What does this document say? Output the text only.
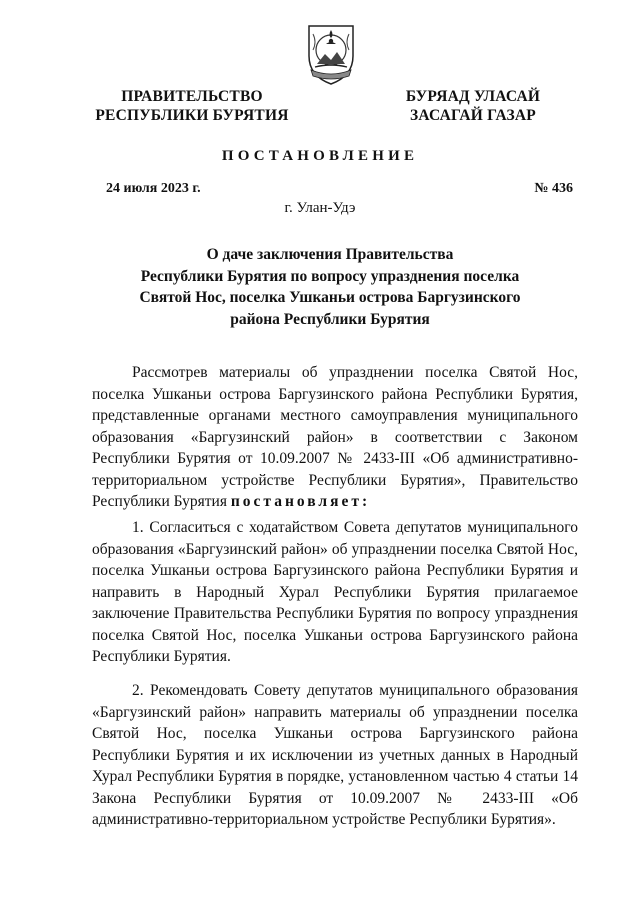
ПРАВИТЕЛЬСТВО
РЕСПУБЛИКИ БУРЯТИЯ
БУРЯАД УЛАСАЙ
ЗАСАГАЙ ГАЗАР
ПОСТАНОВЛЕНИЕ
24 июля 2023 г.	№ 436
г. Улан-Удэ
О даче заключения Правительства
Республики Бурятия по вопросу упразднения поселка
Святой Нос, поселка Ушканьи острова Баргузинского
района Республики Бурятия

Рассмотрев материалы об упразднении поселка Святой Нос, поселка Ушканьи острова Баргузинского района Республики Бурятия, представленные органами местного самоуправления муниципального образования «Баргузинский район» в соответствии с Законом Республики Бурятия от 10.09.2007 № 2433-III «Об административно-территориальном устройстве Республики Бурятия», Правительство Республики Бурятия постановляет:

1. Согласиться с ходатайством Совета депутатов муниципального образования «Баргузинский район» об упразднении поселка Святой Нос, поселка Ушканьи острова Баргузинского района Республики Бурятия и направить в Народный Хурал Республики Бурятия прилагаемое заключение Правительства Республики Бурятия по вопросу упразднения поселка Святой Нос, поселка Ушканьи острова Баргузинского района Республики Бурятия.

2. Рекомендовать Совету депутатов муниципального образования «Баргузинский район» направить материалы об упразднении поселка Святой Нос, поселка Ушканьи острова Баргузинского района Республики Бурятия и их исключении из учетных данных в Народный Хурал Республики Бурятия в порядке, установленном частью 4 статьи 14 Закона Республики Бурятия от 10.09.2007 № 2433-III «Об административно-территориальном устройстве Республики Бурятия».
